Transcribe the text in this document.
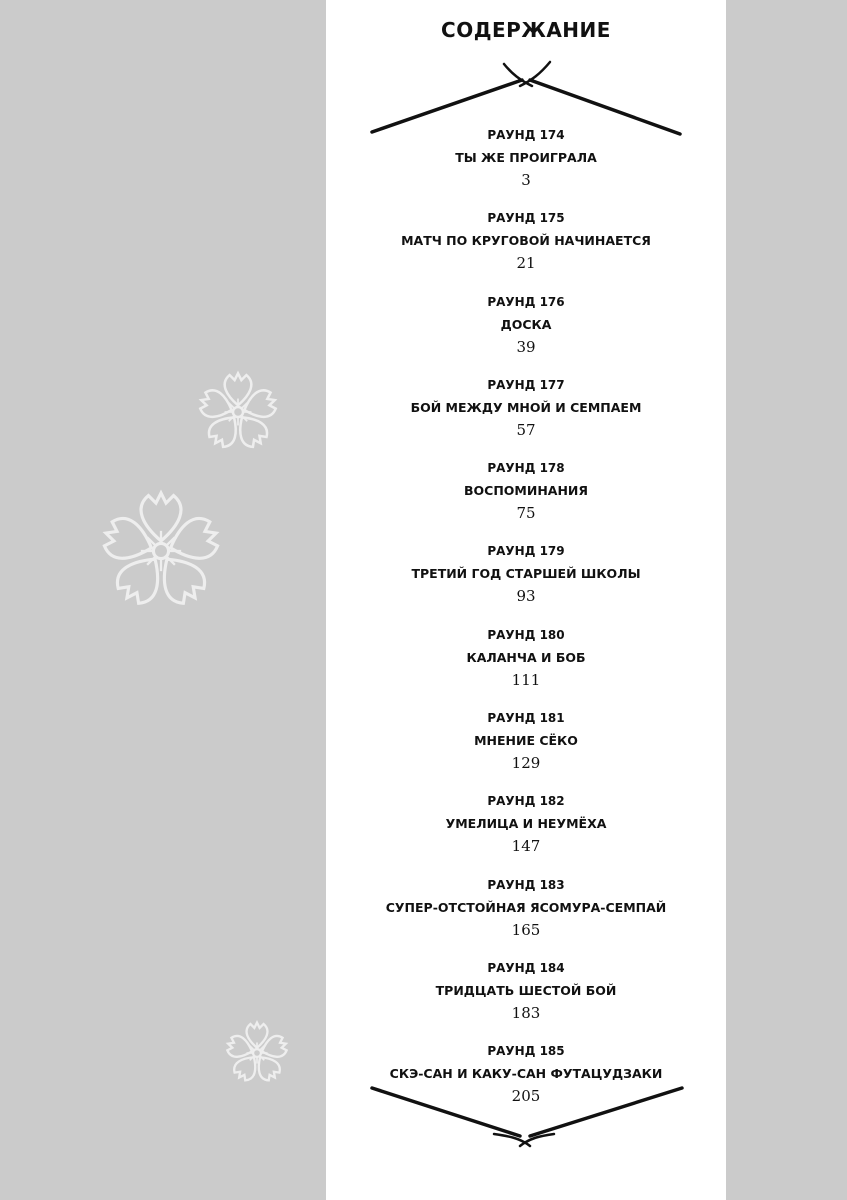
СОДЕРЖАНИЕ
РАУНД 174
ТЫ ЖЕ ПРОИГРАЛА
3
РАУНД 175
МАТЧ ПО КРУГОВОЙ НАЧИНАЕТСЯ
21
РАУНД 176
ДОСКА
39
РАУНД 177
БОЙ МЕЖДУ МНОЙ И СЕМПАЕМ
57
РАУНД 178
ВОСПОМИНАНИЯ
75
РАУНД 179
ТРЕТИЙ ГОД СТАРШЕЙ ШКОЛЫ
93
РАУНД 180
КАЛАНЧА И БОБ
111
РАУНД 181
МНЕНИЕ СЁКО
129
РАУНД 182
УМЕЛИЦА И НЕУМЁХА
147
РАУНД 183
СУПЕР-ОТСТОЙНАЯ ЯСОМУРА-СЕМПАЙ
165
РАУНД 184
ТРИДЦАТЬ ШЕСТОЙ БОЙ
183
РАУНД 185
СКЭ-САН И КАКУ-САН ФУТАЦУДЗАКИ
205
